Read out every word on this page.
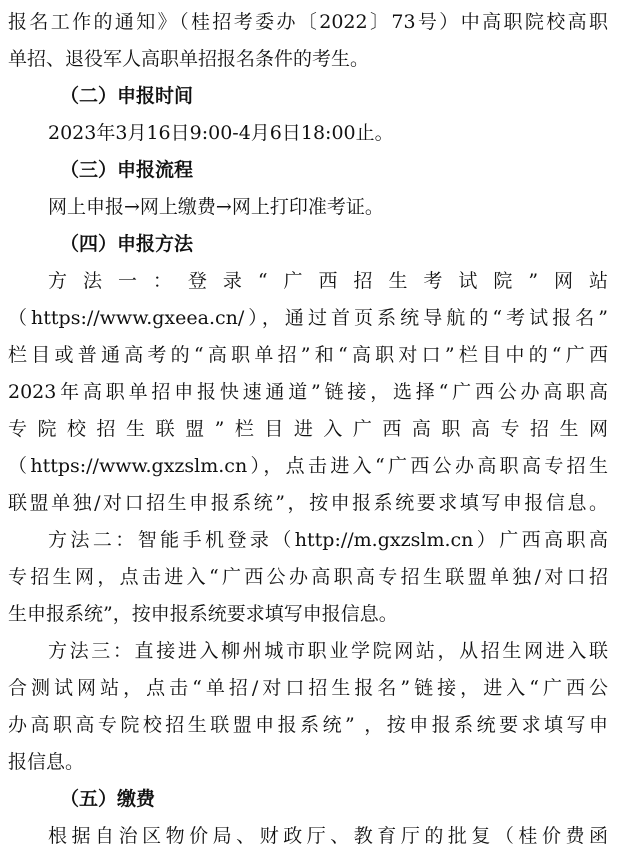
报名工作的通知》（桂招考委办〔2022〕73号）中高职院校高职
单招、退役军人高职单招报名条件的考生。
（二）申报时间
2023年3月16日9:00-4月6日18:00止。
（三）申报流程
网上申报→网上缴费→网上打印准考证。
（四）申报方法
方法一：登录“广西招生考试院”网站
（https://www.gxeea.cn/），通过首页系统导航的“考试报名”
栏目或普通高考的“高职单招”和“高职对口”栏目中的“广西
2023年高职单招申报快速通道”链接，选择“广西公办高职高
专院校招生联盟”栏目进入广西高职高专招生网
（https://www.gxzslm.cn），点击进入“广西公办高职高专招生
联盟单独/对口招生申报系统”，按申报系统要求填写申报信息。
方法二：智能手机登录（http://m.gxzslm.cn）广西高职高
专招生网，点击进入“广西公办高职高专招生联盟单独/对口招
生申报系统”，按申报系统要求填写申报信息。
方法三：直接进入柳州城市职业学院网站，从招生网进入联
合测试网站，点击“单招/对口招生报名”链接，进入“广西公
办高职高专院校招生联盟申报系统” ，按申报系统要求填写申
报信息。
（五）缴费
根据自治区物价局、财政厅、教育厅的批复（桂价费函
